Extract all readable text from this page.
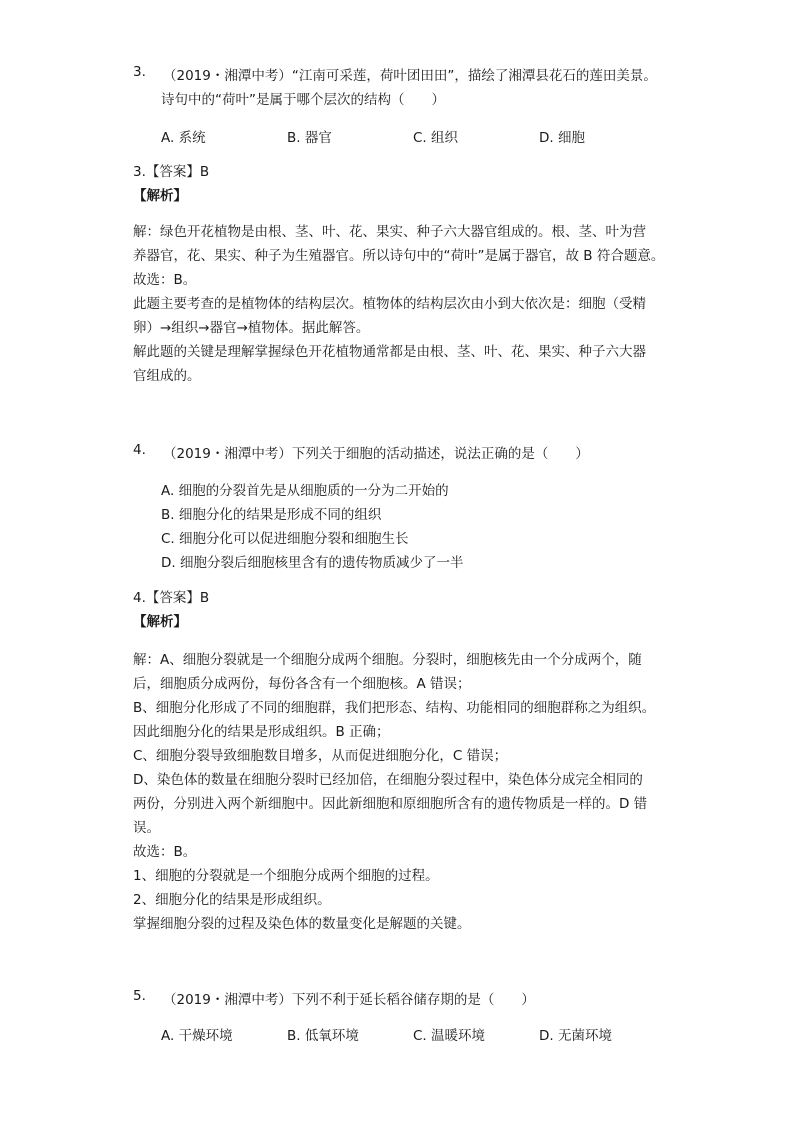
3. （2019・湘潭中考）“江南可采莲，荷叶团田田”，描绘了湘潭县花石的莲田美景。
诗句中的“荷叶”是属于哪个层次的结构（　　）
A. 系统	B. 器官	C. 组织	D. 细胞
3.【答案】B
【解析】
解：绿色开花植物是由根、茎、叶、花、果实、种子六大器官组成的。根、茎、叶为营
养器官，花、果实、种子为生殖器官。所以诗句中的“荷叶”是属于器官，故 B 符合题意。
故选：B。
此题主要考查的是植物体的结构层次。植物体的结构层次由小到大依次是：细胞（受精
卵）→组织→器官→植物体。据此解答。
解此题的关键是理解掌握绿色开花植物通常都是由根、茎、叶、花、果实、种子六大器
官组成的。
4. （2019・湘潭中考）下列关于细胞的活动描述，说法正确的是（　　）
A. 细胞的分裂首先是从细胞质的一分为二开始的
B. 细胞分化的结果是形成不同的组织
C. 细胞分化可以促进细胞分裂和细胞生长
D. 细胞分裂后细胞核里含有的遗传物质减少了一半
4.【答案】B
【解析】
解：A、细胞分裂就是一个细胞分成两个细胞。分裂时，细胞核先由一个分成两个，随
后，细胞质分成两份，每份各含有一个细胞核。A 错误；
B、细胞分化形成了不同的细胞群，我们把形态、结构、功能相同的细胞群称之为组织。
因此细胞分化的结果是形成组织。B 正确；
C、细胞分裂导致细胞数目增多，从而促进细胞分化，C 错误；
D、染色体的数量在细胞分裂时已经加倍，在细胞分裂过程中，染色体分成完全相同的
两份，分别进入两个新细胞中。因此新细胞和原细胞所含有的遗传物质是一样的。D 错
误。
故选：B。
1、细胞的分裂就是一个细胞分成两个细胞的过程。
2、细胞分化的结果是形成组织。
掌握细胞分裂的过程及染色体的数量变化是解题的关键。
5. （2019・湘潭中考）下列不利于延长稻谷储存期的是（　　）
A. 干燥环境	B. 低氧环境	C. 温暖环境	D. 无菌环境
